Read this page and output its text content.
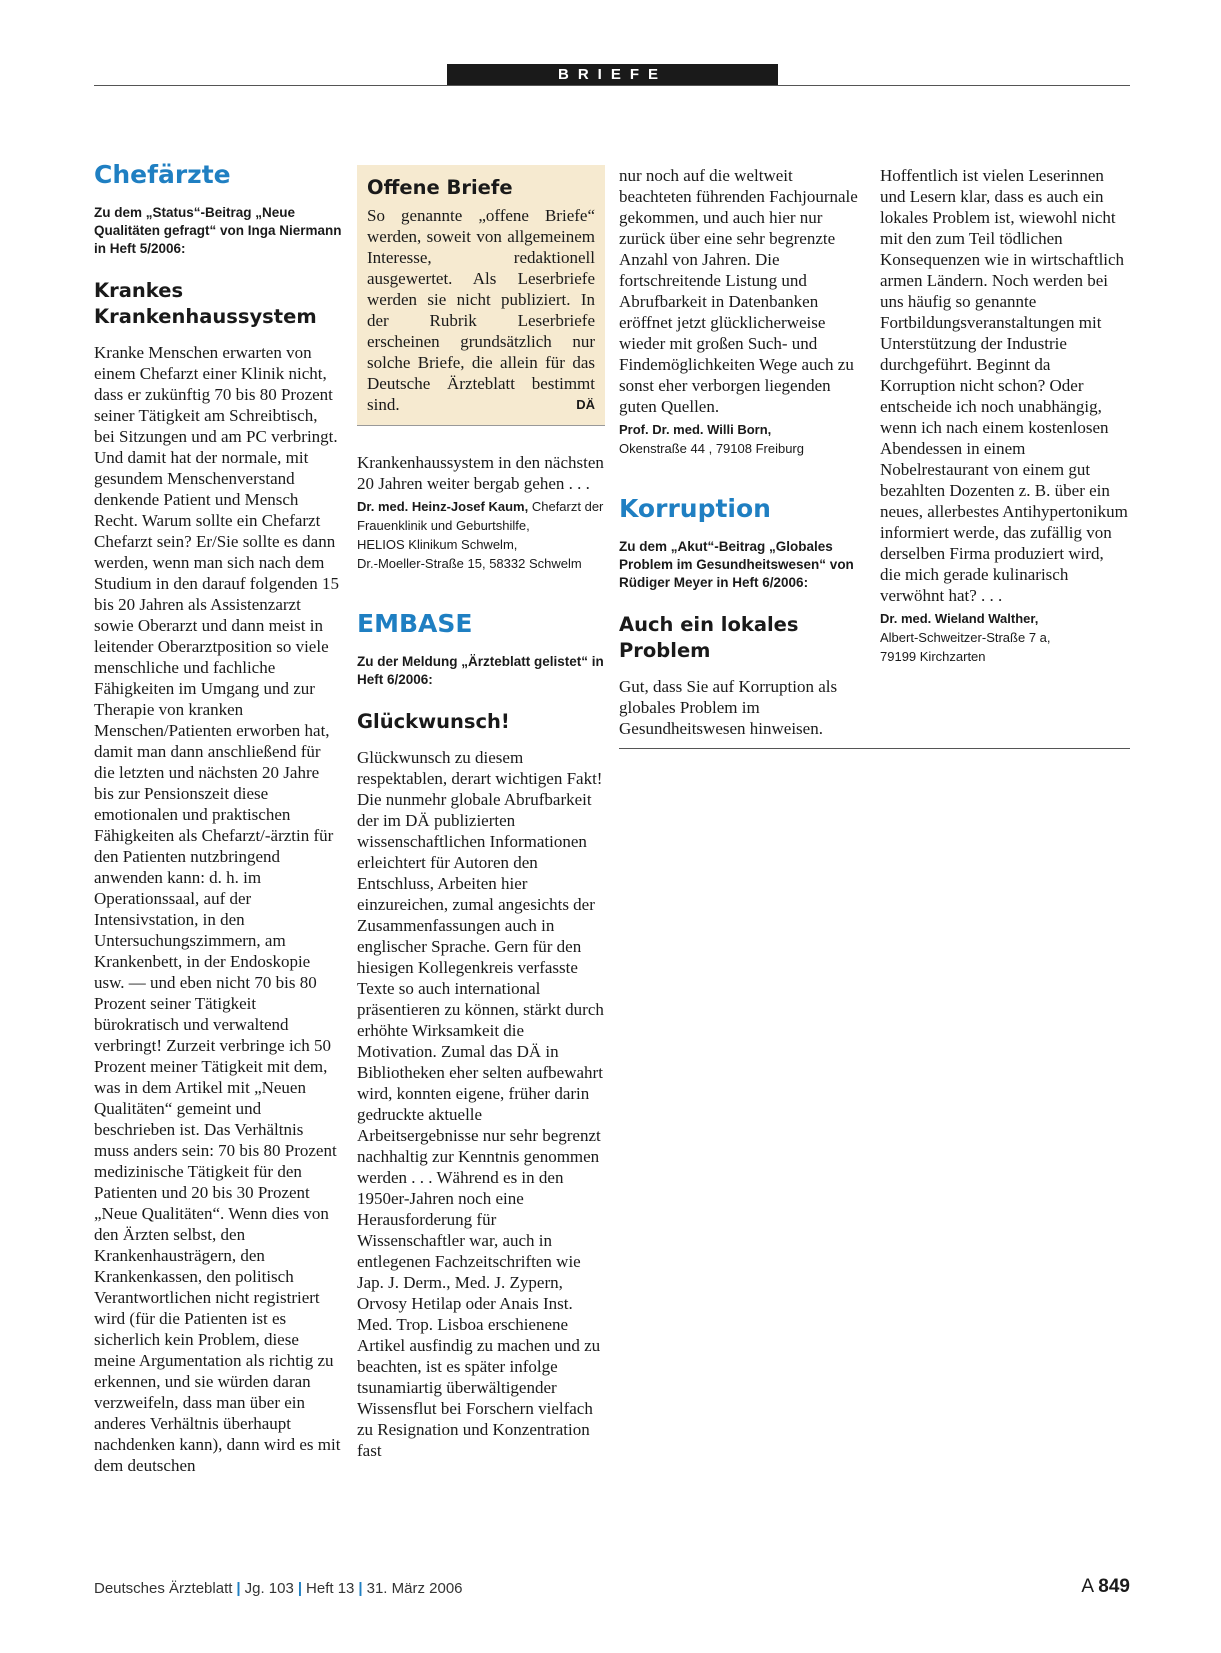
BRIEFE
Chefärzte

Zu dem „Status“-Beitrag „Neue Qualitäten gefragt“ von Inga Niermann in Heft 5/2006:

Krankes Krankenhaussystem

Kranke Menschen erwarten von einem Chefarzt einer Klinik nicht, dass er zukünftig 70 bis 80 Prozent seiner Tätigkeit am Schreibtisch, bei Sitzungen und am PC verbringt. Und damit hat der normale, mit gesundem Menschenverstand denkende Patient und Mensch Recht. Warum sollte ein Chefarzt Chefarzt sein? Er/Sie sollte es dann werden, wenn man sich nach dem Studium in den darauf folgenden 15 bis 20 Jahren als Assistenzarzt sowie Oberarzt und dann meist in leitender Oberarztposition so viele menschliche und fachliche Fähigkeiten im Umgang und zur Therapie von kranken Menschen/Patienten erworben hat, damit man dann anschließend für die letzten und nächsten 20 Jahre bis zur Pensionszeit diese emotionalen und praktischen Fähigkeiten als Chefarzt/-ärztin für den Patienten nutzbringend anwenden kann: d. h. im Operationssaal, auf der Intensivstation, in den Untersuchungszimmern, am Krankenbett, in der Endoskopie usw. — und eben nicht 70 bis 80 Prozent seiner Tätigkeit bürokratisch und verwaltend verbringt! Zurzeit verbringe ich 50 Prozent meiner Tätigkeit mit dem, was in dem Artikel mit „Neuen Qualitäten“ gemeint und beschrieben ist. Das Verhältnis muss anders sein: 70 bis 80 Prozent medizinische Tätigkeit für den Patienten und 20 bis 30 Prozent „Neue Qualitäten“. Wenn dies von den Ärzten selbst, den Krankenhausträgern, den Krankenkassen, den politisch Verantwortlichen nicht registriert wird (für die Patienten ist es sicherlich kein Problem, diese meine Argumentation als richtig zu erkennen, und sie würden daran verzweifeln, dass man über ein anderes Verhältnis überhaupt nachdenken kann), dann wird es mit dem deutschen

Offene Briefe

So genannte „offene Briefe“ werden, soweit von allgemeinem Interesse, redaktionell ausgewertet. Als Leserbriefe werden sie nicht publiziert. In der Rubrik Leserbriefe erscheinen grundsätzlich nur solche Briefe, die allein für das Deutsche Ärzteblatt bestimmt sind.	DÄ

Krankenhaussystem in den nächsten 20 Jahren weiter bergab gehen . . .

Dr. med. Heinz-Josef Kaum, Chefarzt der Frauenklinik und Geburtshilfe,
HELIOS Klinikum Schwelm,
Dr.-Moeller-Straße 15, 58332 Schwelm
EMBASE

Zu der Meldung „Ärzteblatt gelistet“ in Heft 6/2006:

Glückwunsch!

Glückwunsch zu diesem respektablen, derart wichtigen Fakt! Die nunmehr globale Abrufbarkeit der im DÄ publizierten wissenschaftlichen Informationen erleichtert für Autoren den Entschluss, Arbeiten hier einzureichen, zumal angesichts der Zusammenfassungen auch in englischer Sprache. Gern für den hiesigen Kollegenkreis verfasste Texte so auch international präsentieren zu können, stärkt durch erhöhte Wirksamkeit die Motivation. Zumal das DÄ in Bibliotheken eher selten aufbewahrt wird, konnten eigene, früher darin gedruckte aktuelle Arbeitsergebnisse nur sehr begrenzt nachhaltig zur Kenntnis genommen werden . . . Während es in den 1950er-Jahren noch eine Herausforderung für Wissenschaftler war, auch in entlegenen Fachzeitschriften wie Jap. J. Derm., Med. J. Zypern, Orvosy Hetilap oder Anais Inst. Med. Trop. Lisboa erschienene Artikel ausfindig zu machen und zu beachten, ist es später infolge tsunamiartig überwältigender Wissensflut bei Forschern vielfach zu Resignation und Konzentration fast

nur noch auf die weltweit beachteten führenden Fachjournale gekommen, und auch hier nur zurück über eine sehr begrenzte Anzahl von Jahren. Die fortschreitende Listung und Abrufbarkeit in Datenbanken eröffnet jetzt glücklicherweise wieder mit großen Such- und Findemöglichkeiten Wege auch zu sonst eher verborgen liegenden guten Quellen.

Prof. Dr. med. Willi Born,
Okenstraße 44 , 79108 Freiburg
Korruption

Zu dem „Akut“-Beitrag „Globales Problem im Gesundheitswesen“ von Rüdiger Meyer in Heft 6/2006:

Auch ein lokales Problem

Gut, dass Sie auf Korruption als globales Problem im Gesundheitswesen hinweisen.

Hoffentlich ist vielen Leserinnen und Lesern klar, dass es auch ein lokales Problem ist, wiewohl nicht mit den zum Teil tödlichen Konsequenzen wie in wirtschaftlich armen Ländern. Noch werden bei uns häufig so genannte Fortbildungsveranstaltungen mit Unterstützung der Industrie durchgeführt. Beginnt da Korruption nicht schon? Oder entscheide ich noch unabhängig, wenn ich nach einem kostenlosen Abendessen in einem Nobelrestaurant von einem gut bezahlten Dozenten z. B. über ein neues, allerbestes Antihypertonikum informiert werde, das zufällig von derselben Firma produziert wird, die mich gerade kulinarisch verwöhnt hat? . . .

Dr. med. Wieland Walther,
Albert-Schweitzer-Straße 7 a,
79199 Kirchzarten
Deutsches Ärzteblatt | Jg. 103 | Heft 13 | 31. März 2006	A 849
